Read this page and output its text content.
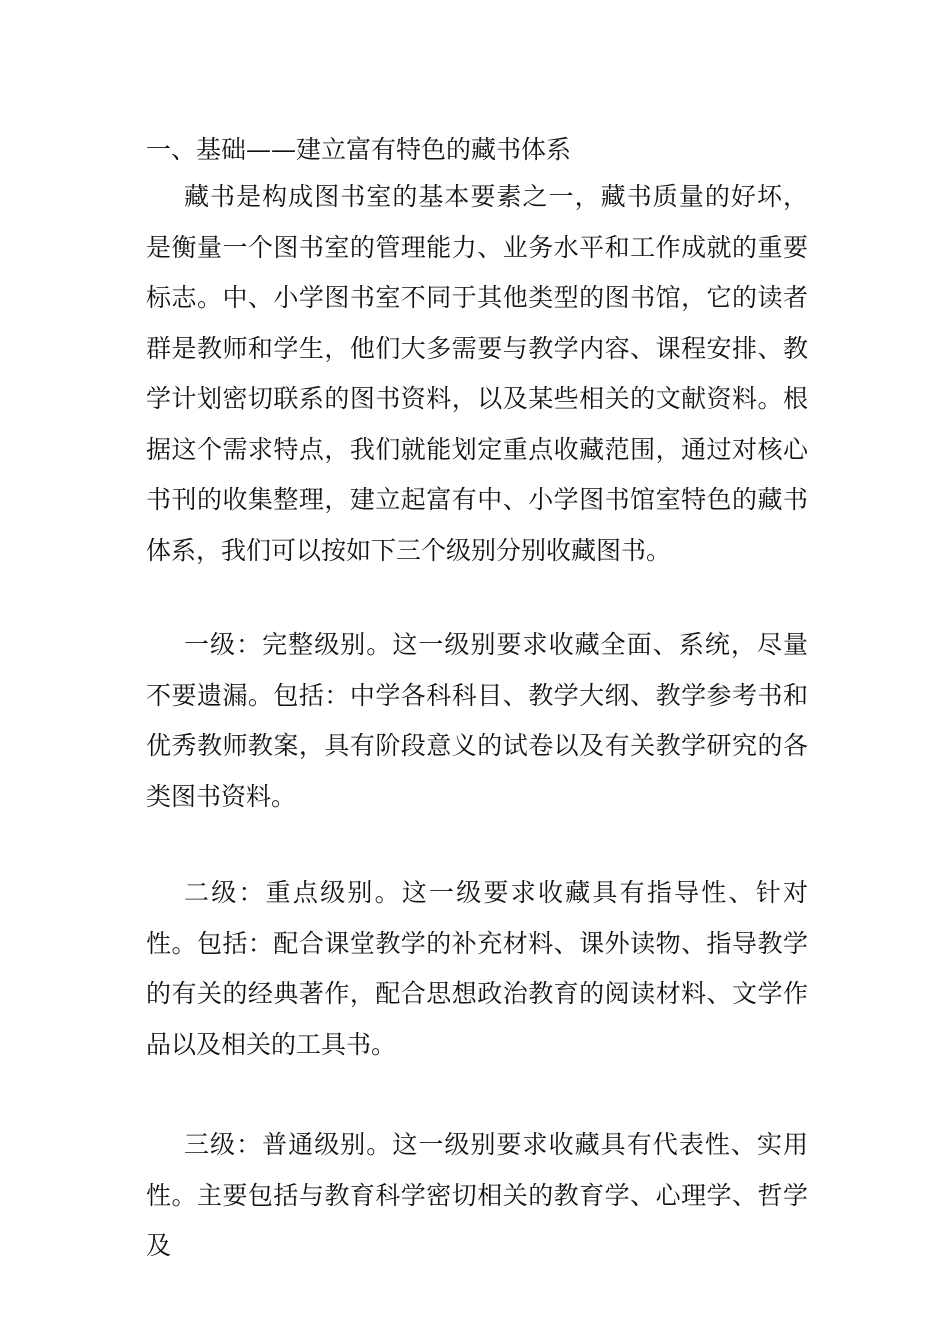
一、基础——建立富有特色的藏书体系

藏书是构成图书室的基本要素之一，藏书质量的好坏，是衡量一个图书室的管理能力、业务水平和工作成就的重要标志。中、小学图书室不同于其他类型的图书馆，它的读者群是教师和学生，他们大多需要与教学内容、课程安排、教学计划密切联系的图书资料，以及某些相关的文献资料。根据这个需求特点，我们就能划定重点收藏范围，通过对核心书刊的收集整理，建立起富有中、小学图书馆室特色的藏书体系，我们可以按如下三个级别分别收藏图书。

一级：完整级别。这一级别要求收藏全面、系统，尽量不要遗漏。包括：中学各科科目、教学大纲、教学参考书和优秀教师教案，具有阶段意义的试卷以及有关教学研究的各类图书资料。

二级：重点级别。这一级要求收藏具有指导性、针对性。包括：配合课堂教学的补充材料、课外读物、指导教学的有关的经典著作，配合思想政治教育的阅读材料、文学作品以及相关的工具书。

三级：普通级别。这一级别要求收藏具有代表性、实用性。主要包括与教育科学密切相关的教育学、心理学、哲学　及
